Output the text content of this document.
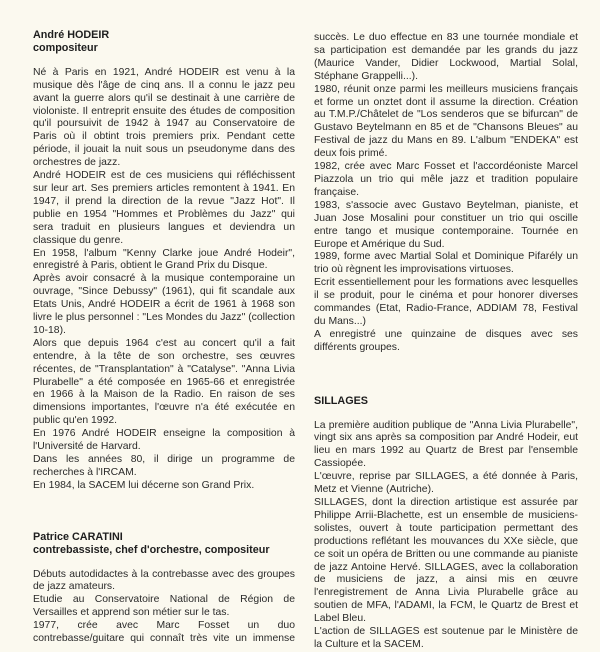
André HODEIR
compositeur

Né à Paris en 1921, André HODEIR est venu à la musique dès l'âge de cinq ans. Il a connu le jazz peu avant la guerre alors qu'il se destinait à une carrière de violoniste. Il entreprit ensuite des études de composition qu'il poursuivit de 1942 à 1947 au Conservatoire de Paris où il obtint trois premiers prix. Pendant cette période, il jouait la nuit sous un pseudonyme dans des orchestres de jazz.

André HODEIR est de ces musiciens qui réfléchissent sur leur art. Ses premiers articles remontent à 1941. En 1947, il prend la direction de la revue "Jazz Hot". Il publie en 1954 "Hommes et Problèmes du Jazz" qui sera traduit en plusieurs langues et deviendra un classique du genre.

En 1958, l'album "Kenny Clarke joue André Hodeir", enregistré à Paris, obtient le Grand Prix du Disque.

Après avoir consacré à la musique contemporaine un ouvrage, "Since Debussy" (1961), qui fit scandale aux Etats Unis, André HODEIR a écrit de 1961 à 1968 son livre le plus personnel : "Les Mondes du Jazz" (collection 10-18).

Alors que depuis 1964 c'est au concert qu'il a fait entendre, à la tête de son orchestre, ses œuvres récentes, de "Transplantation" à "Catalyse". "Anna Livia Plurabelle" a été composée en 1965-66 et enregistrée en 1966 à la Maison de la Radio. En raison de ses dimensions importantes, l'œuvre n'a été exécutée en public qu'en 1992.

En 1976 André HODEIR enseigne la composition à l'Université de Harvard.

Dans les années 80, il dirige un programme de recherches à l'IRCAM.

En 1984, la SACEM lui décerne son Grand Prix.

Patrice CARATINI
contrebassiste, chef d'orchestre, compositeur

Débuts autodidactes à la contrebasse avec des groupes de jazz amateurs.

Etudie au Conservatoire National de Région de Versailles et apprend son métier sur le tas.

1977, crée avec Marc Fosset un duo contrebasse/guitare qui connaît très vite un immense

succès. Le duo effectue en 83 une tournée mondiale et sa participation est demandée par les grands du jazz (Maurice Vander, Didier Lockwood, Martial Solal, Stéphane Grappelli...).

1980, réunit onze parmi les meilleurs musiciens français et forme un onztet dont il assume la direction. Création au T.M.P./Châtelet de "Los senderos que se bifurcan" de Gustavo Beytelmann en 85 et de "Chansons Bleues" au Festival de jazz du Mans en 89. L'album "ENDEKA" est deux fois primé.

1982, crée avec Marc Fosset et l'accordéoniste Marcel Piazzola un trio qui mêle jazz et tradition populaire française.

1983, s'associe avec Gustavo Beytelman, pianiste, et Juan Jose Mosalini pour constituer un trio qui oscille entre tango et musique contemporaine. Tournée en Europe et Amérique du Sud.

1989, forme avec Martial Solal et Dominique Pifarély un trio où règnent les improvisations virtuoses.

Ecrit essentiellement pour les formations avec lesquelles il se produit, pour le cinéma et pour honorer diverses commandes (Etat, Radio-France, ADDIAM 78, Festival du Mans...)

A enregistré une quinzaine de disques avec ses différents groupes.

SILLAGES

La première audition publique de "Anna Livia Plurabelle", vingt six ans après sa composition par André Hodeir, eut lieu en mars 1992 au Quartz de Brest par l'ensemble Cassiopée.

L'œuvre, reprise par SILLAGES, a été donnée à Paris, Metz et Vienne (Autriche).

SILLAGES, dont la direction artistique est assurée par Philippe Arrii-Blachette, est un ensemble de musiciens-solistes, ouvert à toute participation permettant des productions reflétant les mouvances du XXe siècle, que ce soit un opéra de Britten ou une commande au pianiste de jazz Antoine Hervé. SILLAGES, avec la collaboration de musiciens de jazz, a ainsi mis en œuvre l'enregistrement de Anna Livia Plurabelle grâce au soutien de MFA, l'ADAMI, la FCM, le Quartz de Brest et Label Bleu.

L'action de SILLAGES est soutenue par le Ministère de la Culture et la SACEM.
